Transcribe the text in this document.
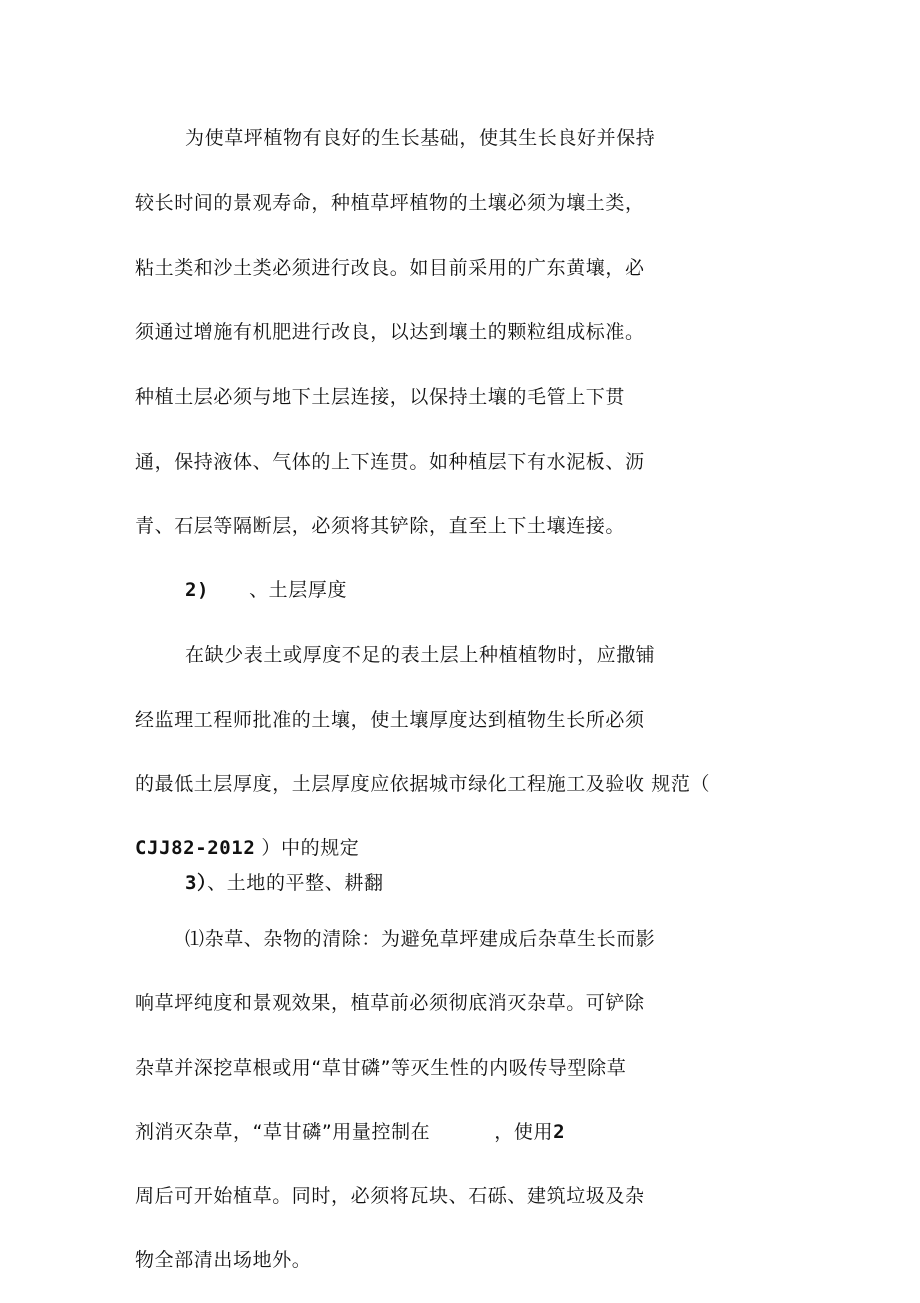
为使草坪植物有良好的生长基础，使其生长良好并保持
较长时间的景观寿命，种植草坪植物的土壤必须为壤土类，
粘土类和沙土类必须进行改良。如目前采用的广东黄壤，必
须通过增施有机肥进行改良，以达到壤土的颗粒组成标准。
种植土层必须与地下土层连接，以保持土壤的毛管上下贯
通，保持液体、气体的上下连贯。如种植层下有水泥板、沥
青、石层等隔断层，必须将其铲除，直至上下土壤连接。
2) 、土层厚度
在缺少表土或厚度不足的表土层上种植植物时，应撒铺
经监理工程师批准的土壤，使土壤厚度达到植物生长所必须
的最低土层厚度，土层厚度应依据城市绿化工程施工及验收 规范（
CJJ82-2012 ）中的规定
3）、土地的平整、耕翻
⑴杂草、杂物的清除：为避免草坪建成后杂草生长而影
响草坪纯度和景观效果，植草前必须彻底消灭杂草。可铲除
杂草并深挖草根或用“草甘磷”等灭生性的内吸传导型除草
剂消灭杂草，“草甘磷”用量控制在	，使用2
周后可开始植草。同时，必须将瓦块、石砾、建筑垃圾及杂
物全部清出场地外。
